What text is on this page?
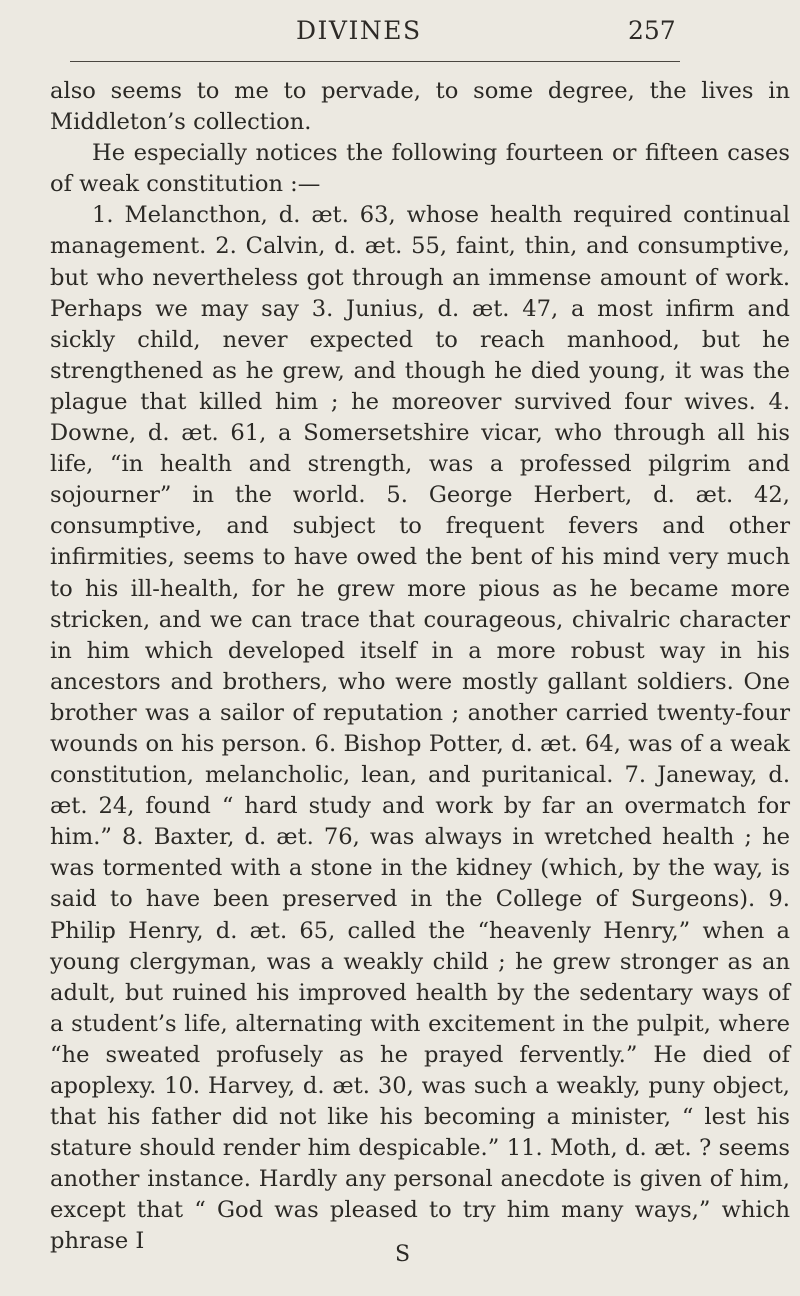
DIVINES	257

also seems to me to pervade, to some degree, the lives in Middleton’s collection.

He especially notices the following fourteen or fifteen cases of weak constitution :—

1. Melancthon, d. æt. 63, whose health required continual management. 2. Calvin, d. æt. 55, faint, thin, and consumptive, but who nevertheless got through an immense amount of work. Perhaps we may say 3. Junius, d. æt. 47, a most infirm and sickly child, never expected to reach manhood, but he strengthened as he grew, and though he died young, it was the plague that killed him ; he moreover survived four wives. 4. Downe, d. æt. 61, a Somersetshire vicar, who through all his life, “in health and strength, was a professed pilgrim and sojourner” in the world. 5. George Herbert, d. æt. 42, consumptive, and subject to frequent fevers and other infirmities, seems to have owed the bent of his mind very much to his ill-health, for he grew more pious as he became more stricken, and we can trace that courageous, chivalric character in him which developed itself in a more robust way in his ancestors and brothers, who were mostly gallant soldiers. One brother was a sailor of reputation ; another carried twenty-four wounds on his person. 6. Bishop Potter, d. æt. 64, was of a weak constitution, melancholic, lean, and puritanical. 7. Janeway, d. æt. 24, found “ hard study and work by far an overmatch for him.” 8. Baxter, d. æt. 76, was always in wretched health ; he was tormented with a stone in the kidney (which, by the way, is said to have been preserved in the College of Surgeons). 9. Philip Henry, d. æt. 65, called the “heavenly Henry,” when a young clergyman, was a weakly child ; he grew stronger as an adult, but ruined his improved health by the sedentary ways of a student’s life, alternating with excitement in the pulpit, where “he sweated profusely as he prayed fervently.” He died of apoplexy. 10. Harvey, d. æt. 30, was such a weakly, puny object, that his father did not like his becoming a minister, “ lest his stature should render him despicable.” 11. Moth, d. æt. ? seems another instance. Hardly any personal anecdote is given of him, except that “ God was pleased to try him many ways,” which phrase I

S
